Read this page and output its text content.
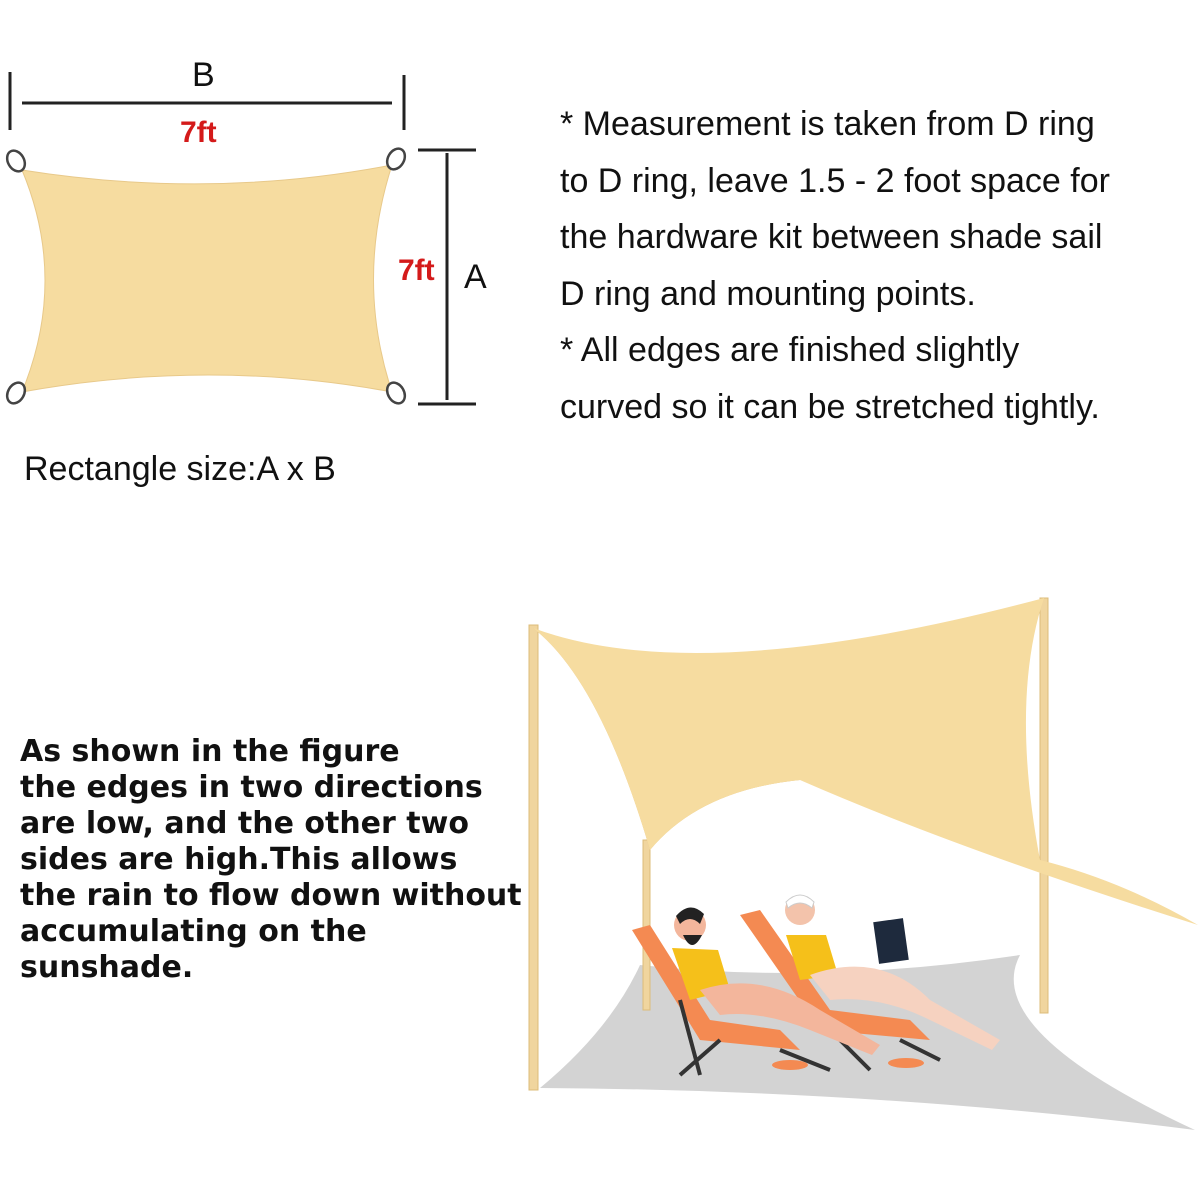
B
7ft
7ft A
Rectangle size:A x B
* Measurement is taken from D ring
to D ring, leave 1.5 - 2 foot space for
the hardware kit between shade sail
D ring and mounting points.
* All edges are finished slightly
curved so it can be stretched tightly.
As shown in the figure
the edges in two directions
are low, and the other two
sides are high.This allows
the rain to flow down without
accumulating on the
sunshade.
